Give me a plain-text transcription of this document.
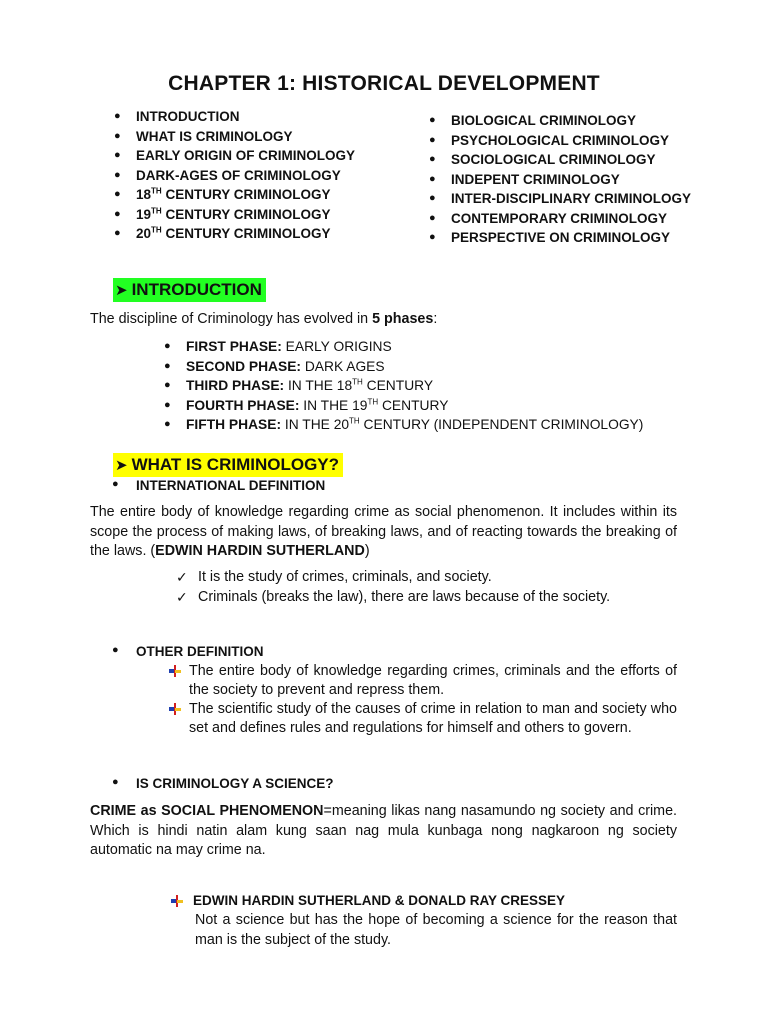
CHAPTER 1: HISTORICAL DEVELOPMENT
● INTRODUCTION
● WHAT IS CRIMINOLOGY
● EARLY ORIGIN OF CRIMINOLOGY
● DARK-AGES OF CRIMINOLOGY
● 18TH CENTURY CRIMINOLOGY
● 19TH CENTURY CRIMINOLOGY
● 20TH CENTURY CRIMINOLOGY
● BIOLOGICAL CRIMINOLOGY
● PSYCHOLOGICAL CRIMINOLOGY
● SOCIOLOGICAL CRIMINOLOGY
● INDEPENT CRIMINOLOGY
● INTER-DISCIPLINARY CRIMINOLOGY
● CONTEMPORARY CRIMINOLOGY
● PERSPECTIVE ON CRIMINOLOGY
➤ INTRODUCTION

The discipline of Criminology has evolved in 5 phases:

● FIRST PHASE: EARLY ORIGINS
● SECOND PHASE: DARK AGES
● THIRD PHASE: IN THE 18TH CENTURY
● FOURTH PHASE: IN THE 19TH CENTURY
● FIFTH PHASE: IN THE 20TH CENTURY (INDEPENDENT CRIMINOLOGY)
➤ WHAT IS CRIMINOLOGY?
● INTERNATIONAL DEFINITION

The entire body of knowledge regarding crime as social phenomenon. It includes within its scope the process of making laws, of breaking laws, and of reacting towards the breaking of the laws. (EDWIN HARDIN SUTHERLAND)

✓ It is the study of crimes, criminals, and society.
✓ Criminals (breaks the law), there are laws because of the society.
● OTHER DEFINITION
The entire body of knowledge regarding crimes, criminals and the efforts of the society to prevent and repress them.
The scientific study of the causes of crime in relation to man and society who set and defines rules and regulations for himself and others to govern.
● IS CRIMINOLOGY A SCIENCE?

CRIME as SOCIAL PHENOMENON=meaning likas nang nasamundo ng society and crime. Which is hindi natin alam kung saan nag mula kunbaga nong nagkaroon ng society automatic na may crime na.

EDWIN HARDIN SUTHERLAND & DONALD RAY CRESSEY

Not a science but has the hope of becoming a science for the reason that man is the subject of the study.
